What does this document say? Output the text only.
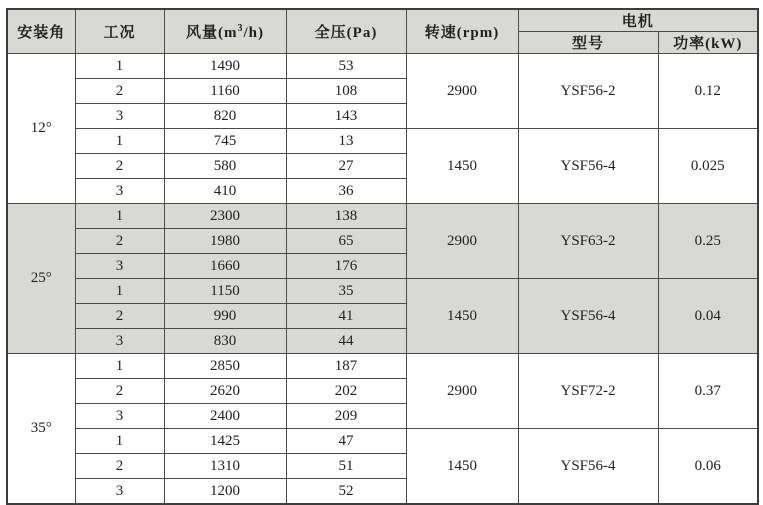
安装角	工况	风量$(m^3/h)$	全压(Pa)	转速(rpm)	电机	
					型号	功率(kW)
12°	1	1490	53	2900	YSF56-2	0.12
	2	1160	108			
	3	820	143			
	1	745	13	1450	YSF56-4	0.025
	2	580	27			
	3	410	36			
25°	1	2300	138	2900	YSF63-2	0.25
	2	1980	65			
	3	1660	176			
	1	1150	35	1450	YSF56-4	0.04
	2	990	41			
	3	830	44			
35°	1	2850	187	2900	YSF72-2	0.37
	2	2620	202			
	3	2400	209			
	1	1425	47	1450	YSF56-4	0.06
	2	1310	51			
	3	1200	52			
